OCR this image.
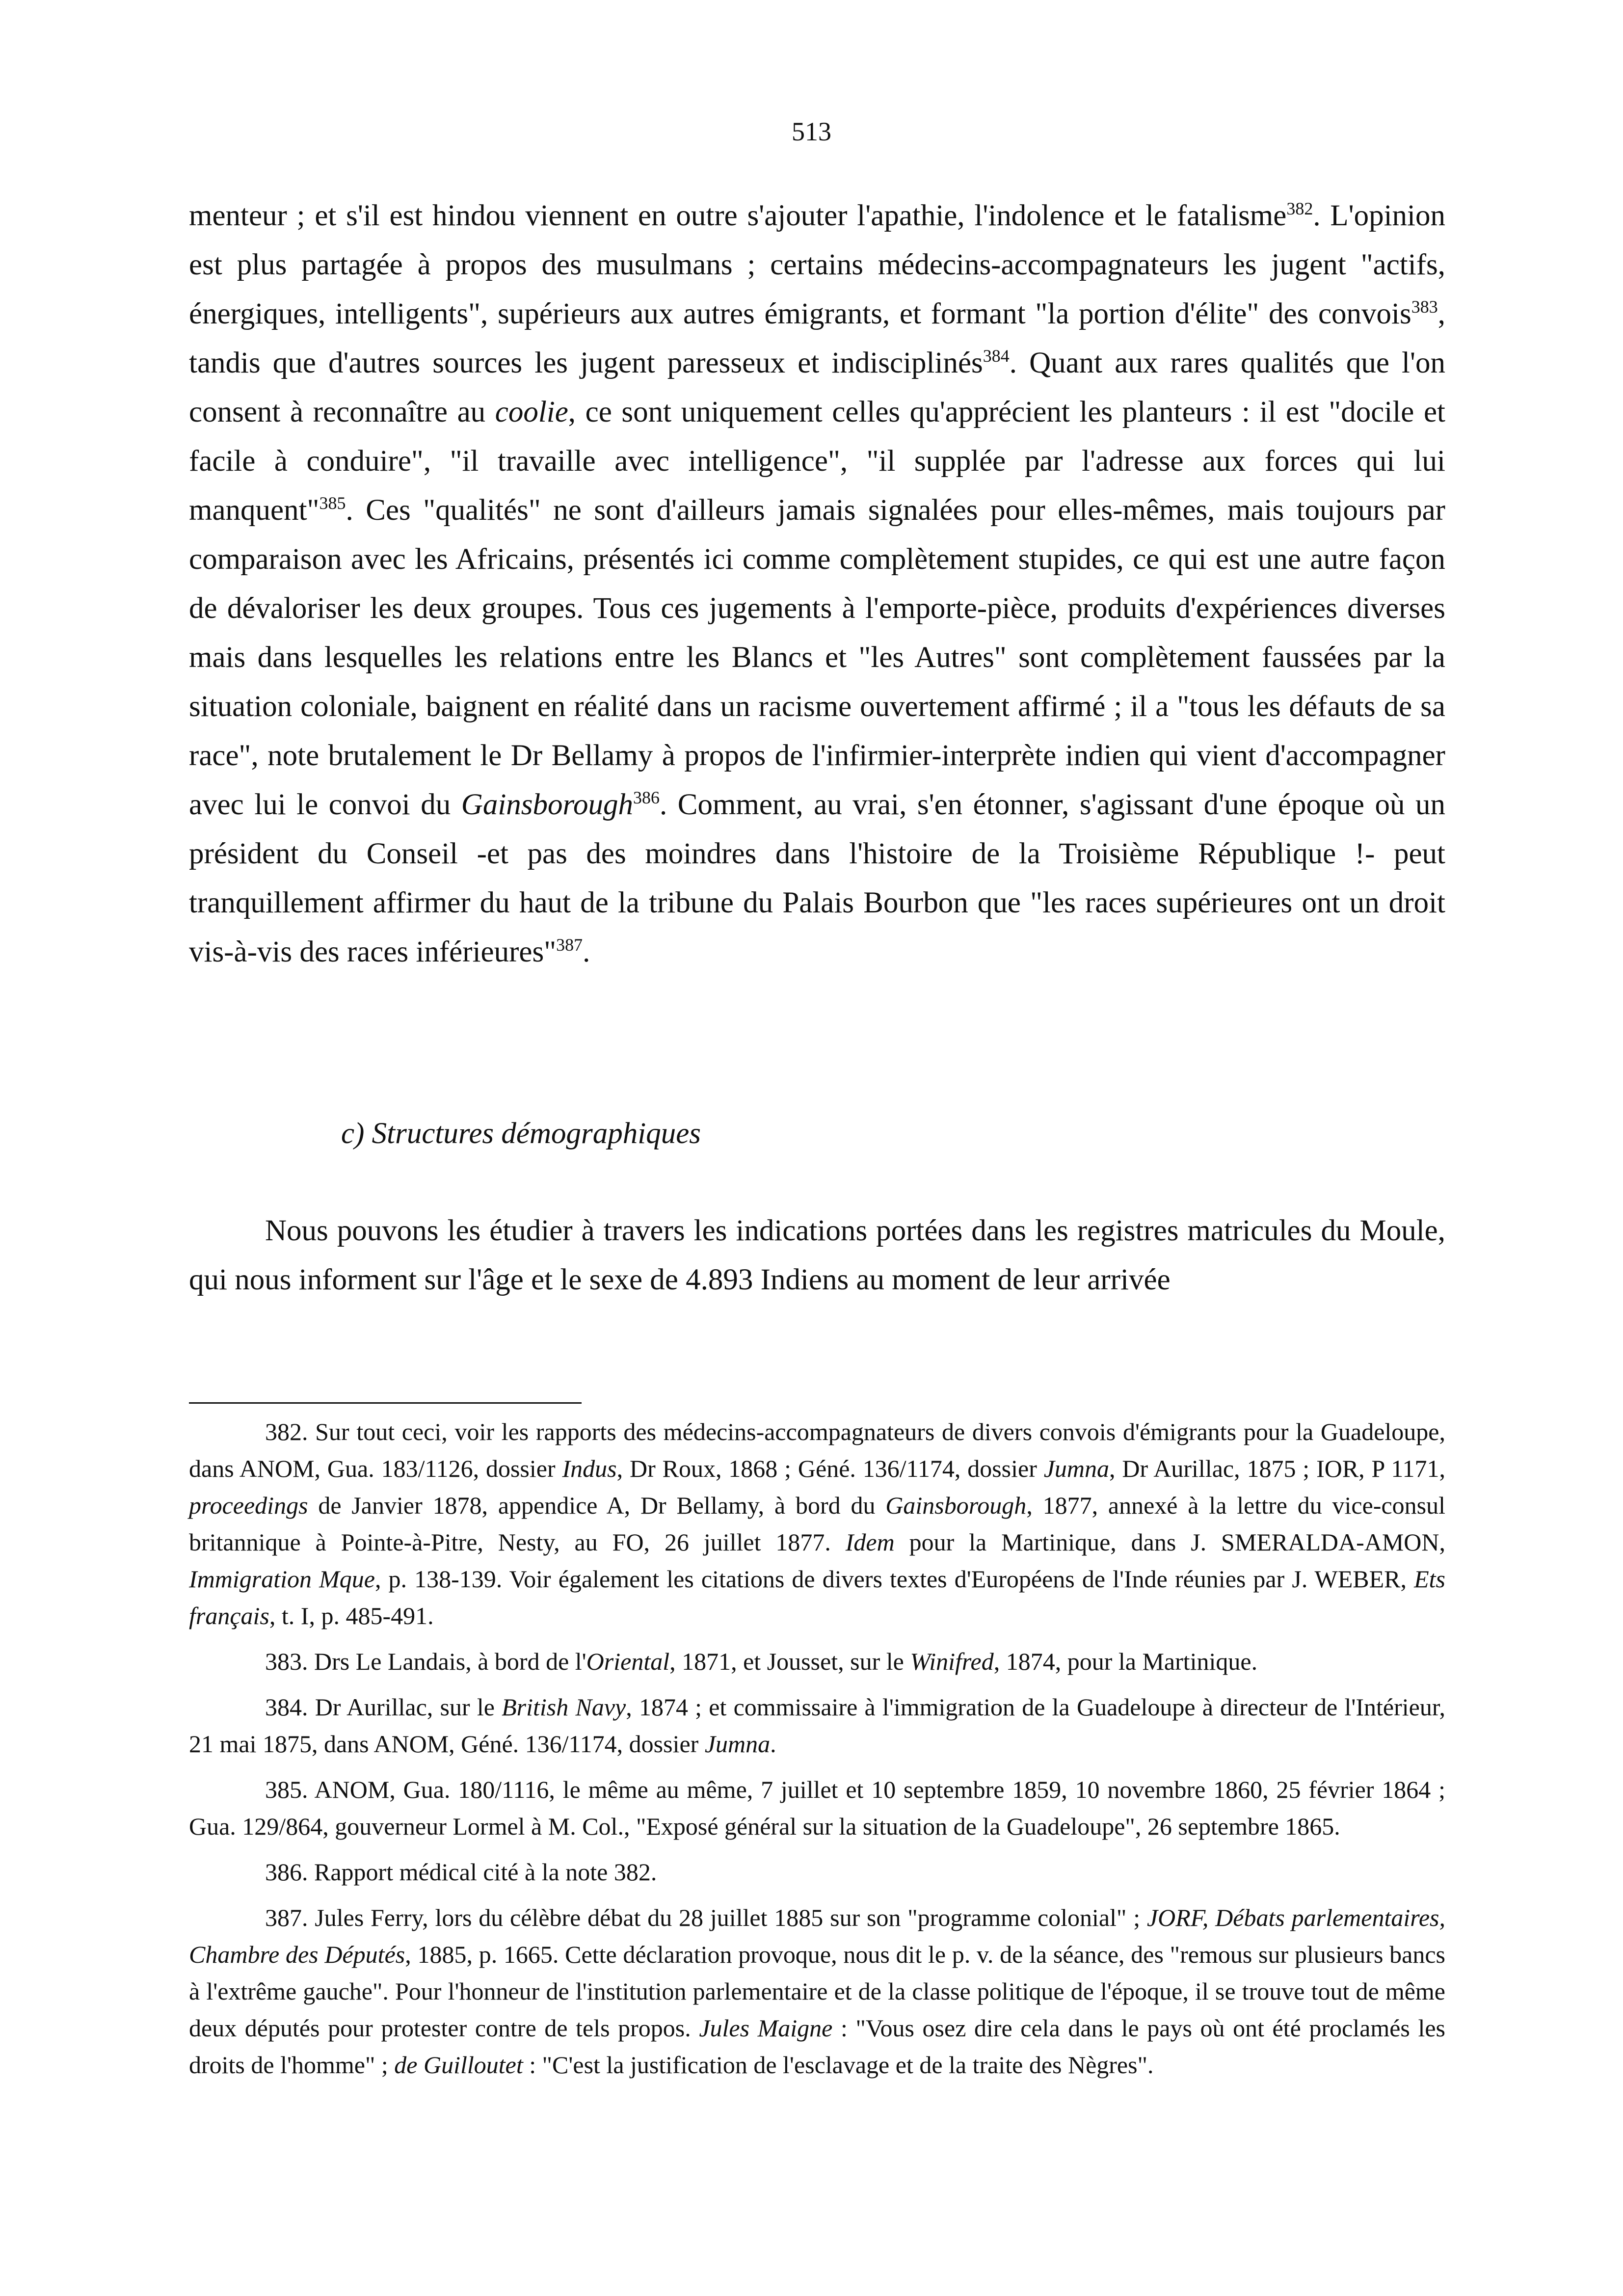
513

menteur ; et s'il est hindou viennent en outre s'ajouter l'apathie, l'indolence et le fatalisme$^{382}$. L'opinion est plus partagée à propos des musulmans ; certains médecins-accompagnateurs les jugent "actifs, énergiques, intelligents", supérieurs aux autres émigrants, et formant "la portion d'élite" des convois$^{383}$, tandis que d'autres sources les jugent paresseux et indisciplinés$^{384}$. Quant aux rares qualités que l'on consent à reconnaître au coolie, ce sont uniquement celles qu'apprécient les planteurs : il est "docile et facile à conduire", "il travaille avec intelligence", "il supplée par l'adresse aux forces qui lui manquent"$^{385}$. Ces "qualités" ne sont d'ailleurs jamais signalées pour elles-mêmes, mais toujours par comparaison avec les Africains, présentés ici comme complètement stupides, ce qui est une autre façon de dévaloriser les deux groupes. Tous ces jugements à l'emporte-pièce, produits d'expériences diverses mais dans lesquelles les relations entre les Blancs et "les Autres" sont complètement faussées par la situation coloniale, baignent en réalité dans un racisme ouvertement affirmé ; il a "tous les défauts de sa race", note brutalement le Dr Bellamy à propos de l'infirmier-interprète indien qui vient d'accompagner avec lui le convoi du Gainsborough$^{386}$. Comment, au vrai, s'en étonner, s'agissant d'une époque où un président du Conseil -et pas des moindres dans l'histoire de la Troisième République !- peut tranquillement affirmer du haut de la tribune du Palais Bourbon que "les races supérieures ont un droit vis-à-vis des races inférieures"$^{387}$.

c) Structures démographiques

Nous pouvons les étudier à travers les indications portées dans les registres matricules du Moule, qui nous informent sur l'âge et le sexe de 4.893 Indiens au moment de leur arrivée

382. Sur tout ceci, voir les rapports des médecins-accompagnateurs de divers convois d'émigrants pour la Guadeloupe, dans ANOM, Gua. 183/1126, dossier Indus, Dr Roux, 1868 ; Géné. 136/1174, dossier Jumna, Dr Aurillac, 1875 ; IOR, P 1171, proceedings de Janvier 1878, appendice A, Dr Bellamy, à bord du Gainsborough, 1877, annexé à la lettre du vice-consul britannique à Pointe-à-Pitre, Nesty, au FO, 26 juillet 1877. Idem pour la Martinique, dans J. SMERALDA-AMON, Immigration Mque, p. 138-139. Voir également les citations de divers textes d'Européens de l'Inde réunies par J. WEBER, Ets français, t. I, p. 485-491.

383. Drs Le Landais, à bord de l'Oriental, 1871, et Jousset, sur le Winifred, 1874, pour la Martinique.

384. Dr Aurillac, sur le British Navy, 1874 ; et commissaire à l'immigration de la Guadeloupe à directeur de l'Intérieur, 21 mai 1875, dans ANOM, Géné. 136/1174, dossier Jumna.

385. ANOM, Gua. 180/1116, le même au même, 7 juillet et 10 septembre 1859, 10 novembre 1860, 25 février 1864 ; Gua. 129/864, gouverneur Lormel à M. Col., "Exposé général sur la situation de la Guadeloupe", 26 septembre 1865.

386. Rapport médical cité à la note 382.

387. Jules Ferry, lors du célèbre débat du 28 juillet 1885 sur son "programme colonial" ; JORF, Débats parlementaires, Chambre des Députés, 1885, p. 1665. Cette déclaration provoque, nous dit le p. v. de la séance, des "remous sur plusieurs bancs à l'extrême gauche". Pour l'honneur de l'institution parlementaire et de la classe politique de l'époque, il se trouve tout de même deux députés pour protester contre de tels propos. Jules Maigne : "Vous osez dire cela dans le pays où ont été proclamés les droits de l'homme" ; de Guilloutet : "C'est la justification de l'esclavage et de la traite des Nègres".
